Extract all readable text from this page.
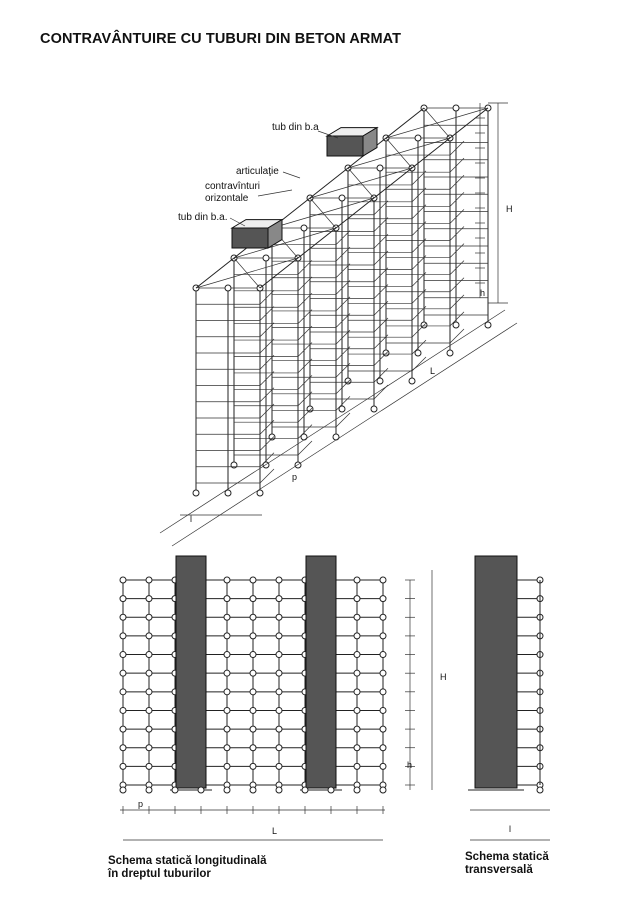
CONTRAVÂNTUIRE CU TUBURI DIN BETON ARMAT
tub din b.a
articulaţie
contravînturi
orizontale
tub din b.a.
H
h
L
l
p
H
h
L
p
l
Schema statică longitudinală
în dreptul tuburilor
Schema statică
transversală
